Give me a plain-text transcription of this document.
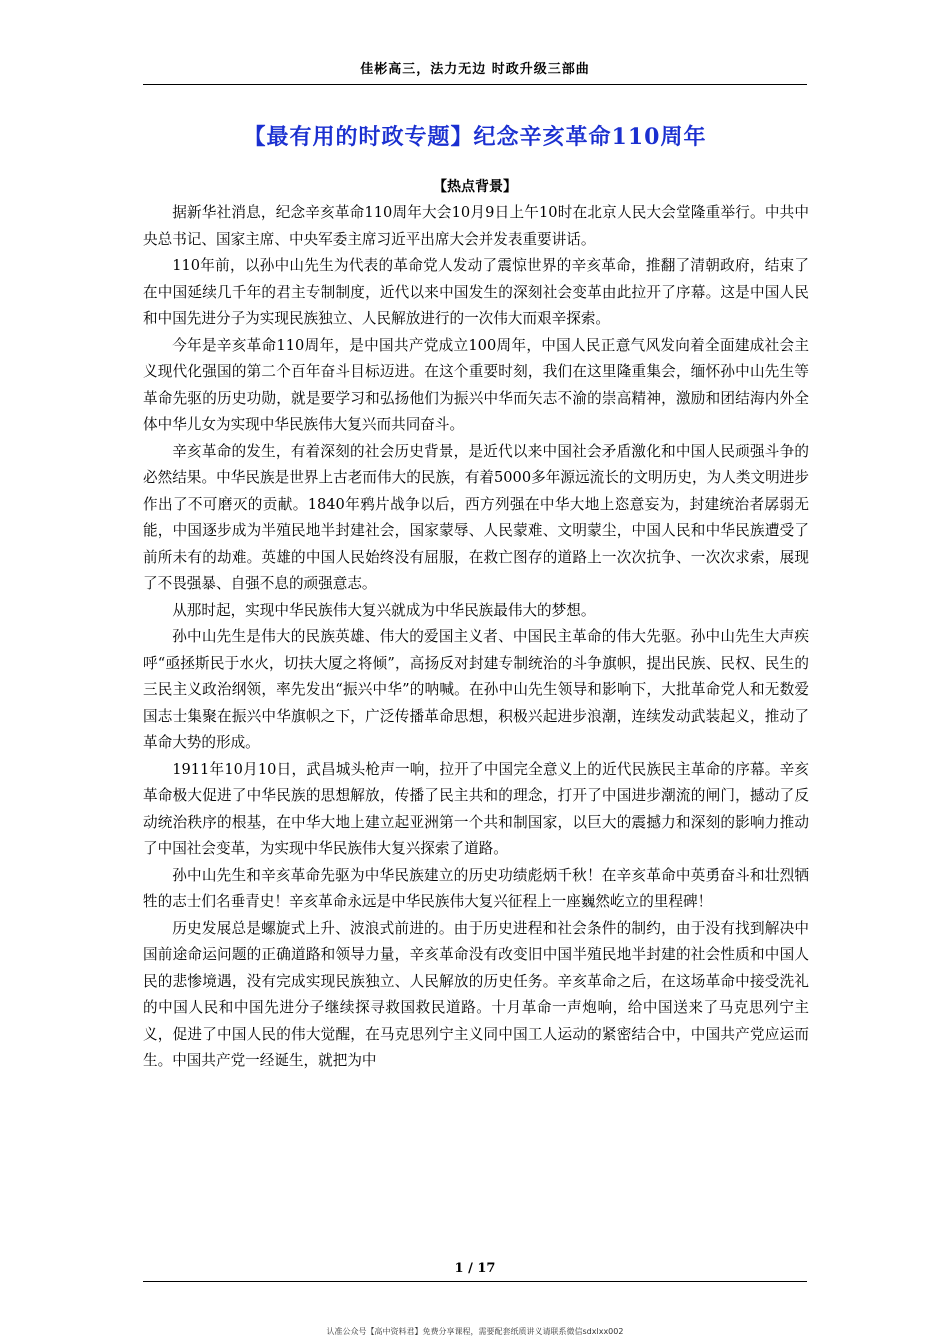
佳彬高三，法力无边 时政升级三部曲
【最有用的时政专题】纪念辛亥革命110周年
【热点背景】

据新华社消息，纪念辛亥革命110周年大会10月9日上午10时在北京人民大会堂隆重举行。中共中央总书记、国家主席、中央军委主席习近平出席大会并发表重要讲话。

110年前，以孙中山先生为代表的革命党人发动了震惊世界的辛亥革命，推翻了清朝政府，结束了在中国延续几千年的君主专制制度，近代以来中国发生的深刻社会变革由此拉开了序幕。这是中国人民和中国先进分子为实现民族独立、人民解放进行的一次伟大而艰辛探索。

今年是辛亥革命110周年，是中国共产党成立100周年，中国人民正意气风发向着全面建成社会主义现代化强国的第二个百年奋斗目标迈进。在这个重要时刻，我们在这里隆重集会，缅怀孙中山先生等革命先驱的历史功勋，就是要学习和弘扬他们为振兴中华而矢志不渝的崇高精神，激励和团结海内外全体中华儿女为实现中华民族伟大复兴而共同奋斗。

辛亥革命的发生，有着深刻的社会历史背景，是近代以来中国社会矛盾激化和中国人民顽强斗争的必然结果。中华民族是世界上古老而伟大的民族，有着5000多年源远流长的文明历史，为人类文明进步作出了不可磨灭的贡献。1840年鸦片战争以后，西方列强在中华大地上恣意妄为，封建统治者孱弱无能，中国逐步成为半殖民地半封建社会，国家蒙辱、人民蒙难、文明蒙尘，中国人民和中华民族遭受了前所未有的劫难。英雄的中国人民始终没有屈服，在救亡图存的道路上一次次抗争、一次次求索，展现了不畏强暴、自强不息的顽强意志。

从那时起，实现中华民族伟大复兴就成为中华民族最伟大的梦想。

孙中山先生是伟大的民族英雄、伟大的爱国主义者、中国民主革命的伟大先驱。孙中山先生大声疾呼“亟拯斯民于水火，切扶大厦之将倾”，高扬反对封建专制统治的斗争旗帜，提出民族、民权、民生的三民主义政治纲领，率先发出“振兴中华”的呐喊。在孙中山先生领导和影响下，大批革命党人和无数爱国志士集聚在振兴中华旗帜之下，广泛传播革命思想，积极兴起进步浪潮，连续发动武装起义，推动了革命大势的形成。

1911年10月10日，武昌城头枪声一响，拉开了中国完全意义上的近代民族民主革命的序幕。辛亥革命极大促进了中华民族的思想解放，传播了民主共和的理念，打开了中国进步潮流的闸门，撼动了反动统治秩序的根基，在中华大地上建立起亚洲第一个共和制国家，以巨大的震撼力和深刻的影响力推动了中国社会变革，为实现中华民族伟大复兴探索了道路。

孙中山先生和辛亥革命先驱为中华民族建立的历史功绩彪炳千秋！在辛亥革命中英勇奋斗和壮烈牺牲的志士们名垂青史！辛亥革命永远是中华民族伟大复兴征程上一座巍然屹立的里程碑！

历史发展总是螺旋式上升、波浪式前进的。由于历史进程和社会条件的制约，由于没有找到解决中国前途命运问题的正确道路和领导力量，辛亥革命没有改变旧中国半殖民地半封建的社会性质和中国人民的悲惨境遇，没有完成实现民族独立、人民解放的历史任务。辛亥革命之后，在这场革命中接受洗礼的中国人民和中国先进分子继续探寻救国救民道路。十月革命一声炮响，给中国送来了马克思列宁主义，促进了中国人民的伟大觉醒，在马克思列宁主义同中国工人运动的紧密结合中，中国共产党应运而生。中国共产党一经诞生，就把为中

1 / 17
认准公众号【高中资料君】免费分享课程，需要配套纸质讲义请联系微信sdxlxx002
